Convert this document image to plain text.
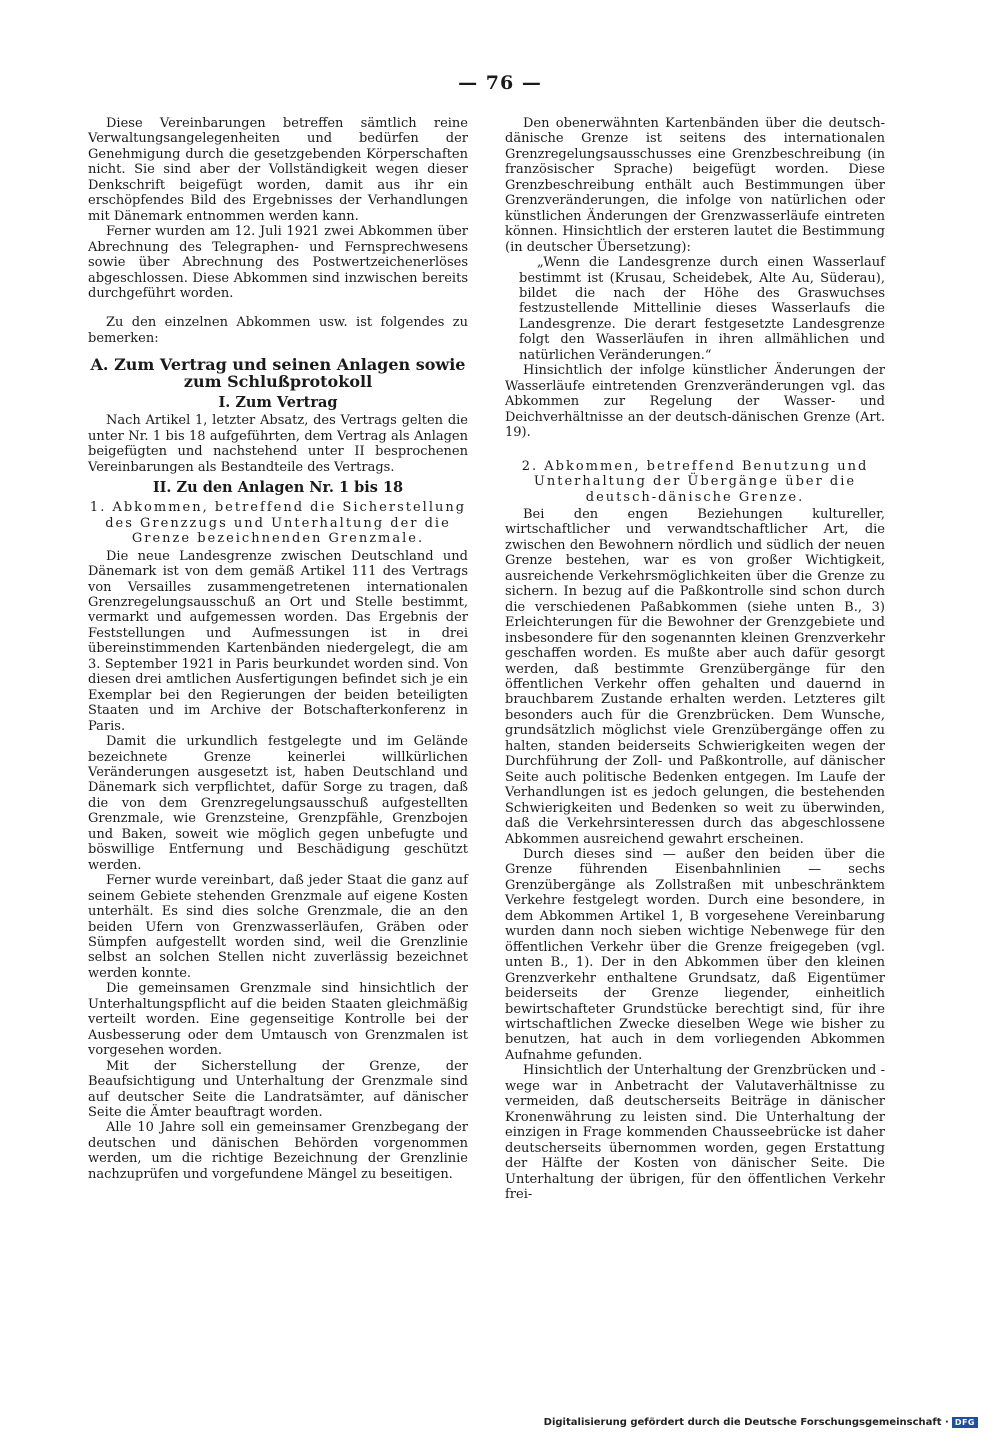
— 76 —

Diese Vereinbarungen betreffen sämtlich reine Verwaltungsangelegenheiten und bedürfen der Genehmigung durch die gesetzgebenden Körperschaften nicht. Sie sind aber der Vollständigkeit wegen dieser Denkschrift beigefügt worden, damit aus ihr ein erschöpfendes Bild des Ergebnisses der Verhandlungen mit Dänemark entnommen werden kann.

Ferner wurden am 12. Juli 1921 zwei Abkommen über Abrechnung des Telegraphen- und Fernsprechwesens sowie über Abrechnung des Postwertzeichenerlöses abgeschlossen. Diese Abkommen sind inzwischen bereits durchgeführt worden.

Zu den einzelnen Abkommen usw. ist folgendes zu bemerken:

A. Zum Vertrag und seinen Anlagen sowie zum Schlußprotokoll
I. Zum Vertrag

Nach Artikel 1, letzter Absatz, des Vertrags gelten die unter Nr. 1 bis 18 aufgeführten, dem Vertrag als Anlagen beigefügten und nachstehend unter II besprochenen Vereinbarungen als Bestandteile des Vertrags.

II. Zu den Anlagen Nr. 1 bis 18

1. Abkommen, betreffend die Sicherstellung des Grenzzugs und Unterhaltung der die Grenze bezeichnenden Grenzmale.

Die neue Landesgrenze zwischen Deutschland und Dänemark ist von dem gemäß Artikel 111 des Vertrags von Versailles zusammengetretenen internationalen Grenzregelungsausschuß an Ort und Stelle bestimmt, vermarkt und aufgemessen worden. Das Ergebnis der Feststellungen und Aufmessungen ist in drei übereinstimmenden Kartenbänden niedergelegt, die am 3. September 1921 in Paris beurkundet worden sind. Von diesen drei amtlichen Ausfertigungen befindet sich je ein Exemplar bei den Regierungen der beiden beteiligten Staaten und im Archive der Botschafterkonferenz in Paris.

Damit die urkundlich festgelegte und im Gelände bezeichnete Grenze keinerlei willkürlichen Veränderungen ausgesetzt ist, haben Deutschland und Dänemark sich verpflichtet, dafür Sorge zu tragen, daß die von dem Grenzregelungsausschuß aufgestellten Grenzmale, wie Grenzsteine, Grenzpfähle, Grenzbojen und Baken, soweit wie möglich gegen unbefugte und böswillige Entfernung und Beschädigung geschützt werden.

Ferner wurde vereinbart, daß jeder Staat die ganz auf seinem Gebiete stehenden Grenzmale auf eigene Kosten unterhält. Es sind dies solche Grenzmale, die an den beiden Ufern von Grenzwasserläufen, Gräben oder Sümpfen aufgestellt worden sind, weil die Grenzlinie selbst an solchen Stellen nicht zuverlässig bezeichnet werden konnte.

Die gemeinsamen Grenzmale sind hinsichtlich der Unterhaltungspflicht auf die beiden Staaten gleichmäßig verteilt worden. Eine gegenseitige Kontrolle bei der Ausbesserung oder dem Umtausch von Grenzmalen ist vorgesehen worden.

Mit der Sicherstellung der Grenze, der Beaufsichtigung und Unterhaltung der Grenzmale sind auf deutscher Seite die Landratsämter, auf dänischer Seite die Ämter beauftragt worden.

Alle 10 Jahre soll ein gemeinsamer Grenzbegang der deutschen und dänischen Behörden vorgenommen werden, um die richtige Bezeichnung der Grenzlinie nachzuprüfen und vorgefundene Mängel zu beseitigen.

Den obenerwähnten Kartenbänden über die deutsch-dänische Grenze ist seitens des internationalen Grenzregelungsausschusses eine Grenzbeschreibung (in französischer Sprache) beigefügt worden. Diese Grenzbeschreibung enthält auch Bestimmungen über Grenzveränderungen, die infolge von natürlichen oder künstlichen Änderungen der Grenzwasserläufe eintreten können. Hinsichtlich der ersteren lautet die Bestimmung (in deutscher Übersetzung):

„Wenn die Landesgrenze durch einen Wasserlauf bestimmt ist (Krusau, Scheidebek, Alte Au, Süderau), bildet die nach der Höhe des Graswuchses festzustellende Mittellinie dieses Wasserlaufs die Landesgrenze. Die derart festgesetzte Landesgrenze folgt den Wasserläufen in ihren allmählichen und natürlichen Veränderungen.“

Hinsichtlich der infolge künstlicher Änderungen der Wasserläufe eintretenden Grenzveränderungen vgl. das Abkommen zur Regelung der Wasser- und Deichverhältnisse an der deutsch-dänischen Grenze (Art. 19).

2. Abkommen, betreffend Benutzung und Unterhaltung der Übergänge über die deutsch-dänische Grenze.

Bei den engen Beziehungen kultureller, wirtschaftlicher und verwandtschaftlicher Art, die zwischen den Bewohnern nördlich und südlich der neuen Grenze bestehen, war es von großer Wichtigkeit, ausreichende Verkehrsmöglichkeiten über die Grenze zu sichern. In bezug auf die Paßkontrolle sind schon durch die verschiedenen Paßabkommen (siehe unten B., 3) Erleichterungen für die Bewohner der Grenzgebiete und insbesondere für den sogenannten kleinen Grenzverkehr geschaffen worden. Es mußte aber auch dafür gesorgt werden, daß bestimmte Grenzübergänge für den öffentlichen Verkehr offen gehalten und dauernd in brauchbarem Zustande erhalten werden. Letzteres gilt besonders auch für die Grenzbrücken. Dem Wunsche, grundsätzlich möglichst viele Grenzübergänge offen zu halten, standen beiderseits Schwierigkeiten wegen der Durchführung der Zoll- und Paßkontrolle, auf dänischer Seite auch politische Bedenken entgegen. Im Laufe der Verhandlungen ist es jedoch gelungen, die bestehenden Schwierigkeiten und Bedenken so weit zu überwinden, daß die Verkehrsinteressen durch das abgeschlossene Abkommen ausreichend gewahrt erscheinen.

Durch dieses sind — außer den beiden über die Grenze führenden Eisenbahnlinien — sechs Grenzübergänge als Zollstraßen mit unbeschränktem Verkehre festgelegt worden. Durch eine besondere, in dem Abkommen Artikel 1, B vorgesehene Vereinbarung wurden dann noch sieben wichtige Nebenwege für den öffentlichen Verkehr über die Grenze freigegeben (vgl. unten B., 1). Der in den Abkommen über den kleinen Grenzverkehr enthaltene Grundsatz, daß Eigentümer beiderseits der Grenze liegender, einheitlich bewirtschafteter Grundstücke berechtigt sind, für ihre wirtschaftlichen Zwecke dieselben Wege wie bisher zu benutzen, hat auch in dem vorliegenden Abkommen Aufnahme gefunden.

Hinsichtlich der Unterhaltung der Grenzbrücken und -wege war in Anbetracht der Valutaverhältnisse zu vermeiden, daß deutscherseits Beiträge in dänischer Kronenwährung zu leisten sind. Die Unterhaltung der einzigen in Frage kommenden Chausseebrücke ist daher deutscherseits übernommen worden, gegen Erstattung der Hälfte der Kosten von dänischer Seite. Die Unterhaltung der übrigen, für den öffentlichen Verkehr frei-

Digitalisierung gefördert durch die Deutsche Forschungsgemeinschaft · DFG
